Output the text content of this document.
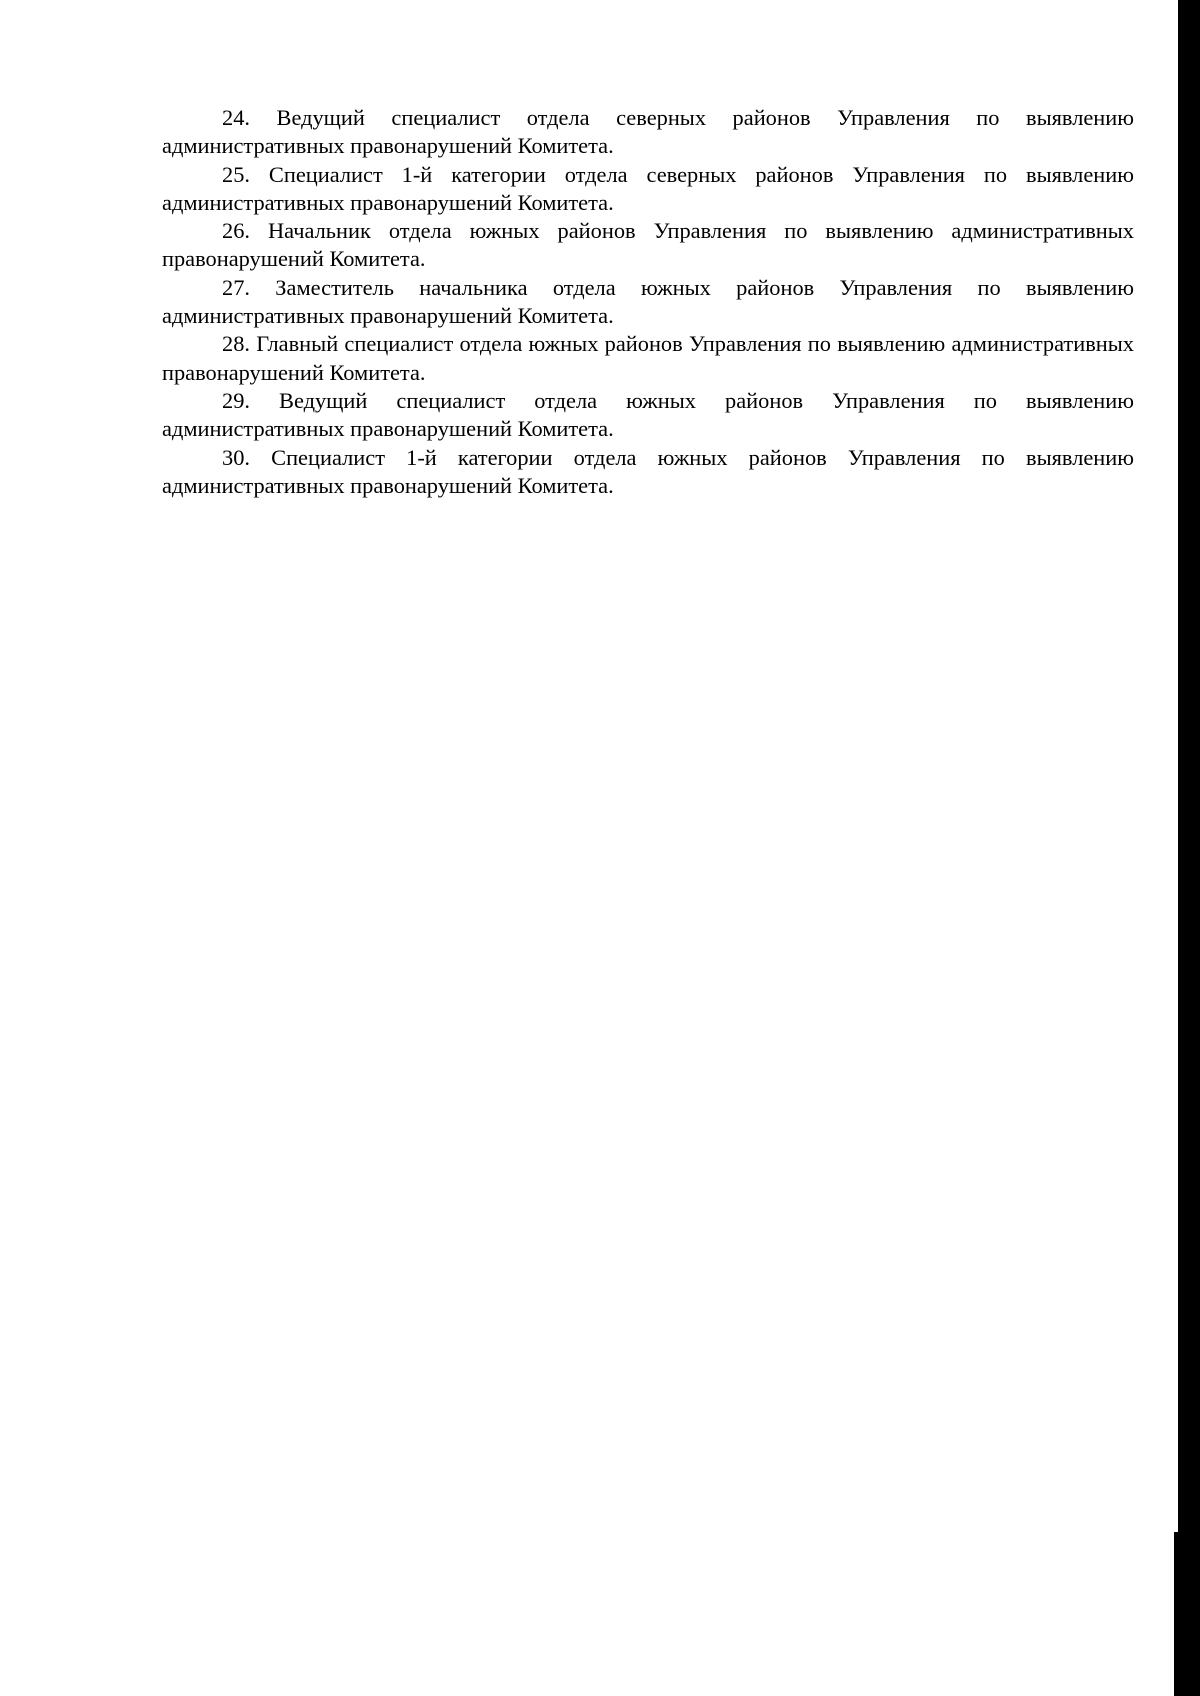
24. Ведущий специалист отдела северных районов Управления по выявлению административных правонарушений Комитета.

25. Специалист 1-й категории отдела северных районов Управления по выявлению административных правонарушений Комитета.

26. Начальник отдела южных районов Управления по выявлению административных правонарушений Комитета.

27. Заместитель начальника отдела южных районов Управления по выявлению административных правонарушений Комитета.

28. Главный специалист отдела южных районов Управления по выявлению административных правонарушений Комитета.

29. Ведущий специалист отдела южных районов Управления по выявлению административных правонарушений Комитета.

30. Специалист 1-й категории отдела южных районов Управления по выявлению административных правонарушений Комитета.
